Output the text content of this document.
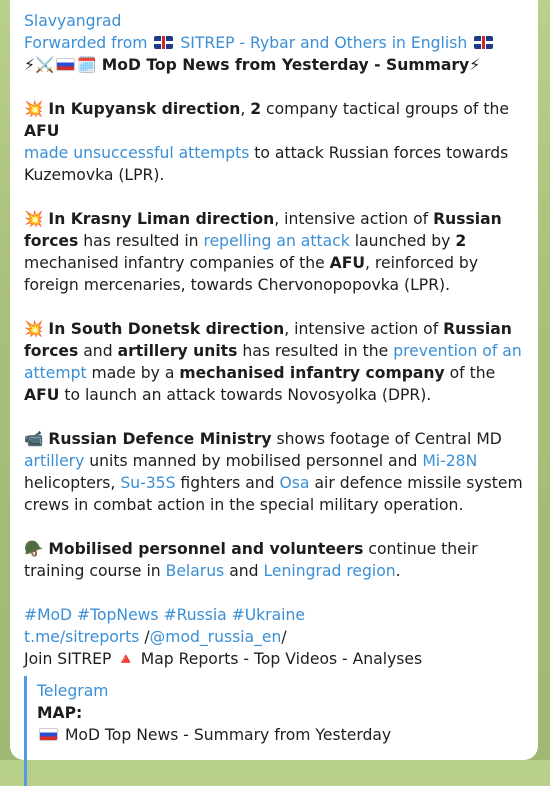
Slavyangrad
Forwarded from SITREP - Rybar and Others in English
⚡⚔️ 🗓️ MoD Top News from Yesterday - Summary⚡

💥 In Kupyansk direction, 2 company tactical groups of the AFU
made unsuccessful attempts to attack Russian forces towards Kuzemovka (LPR).

💥 In Krasny Liman direction, intensive action of Russian forces has resulted in repelling an attack launched by 2 mechanised infantry companies of the AFU, reinforced by foreign mercenaries, towards Chervonopopovka (LPR).

💥 In South Donetsk direction, intensive action of Russian forces and artillery units has resulted in the prevention of an attempt made by a mechanised infantry company of the AFU to launch an attack towards Novosyolka (DPR).

📹 Russian Defence Ministry shows footage of Central MD artillery units manned by mobilised personnel and Mi-28N helicopters, Su-35S fighters and Osa air defence missile system crews in combat action in the special military operation.

🪖 Mobilised personnel and volunteers continue their training course in Belarus and Leningrad region.

#MoD #TopNews #Russia #Ukraine
t.me/sitreports /@mod_russia_en/
Join SITREP 🔺 Map Reports - Top Videos - Analyses
Telegram
MAP:
MoD Top News - Summary from Yesterday
